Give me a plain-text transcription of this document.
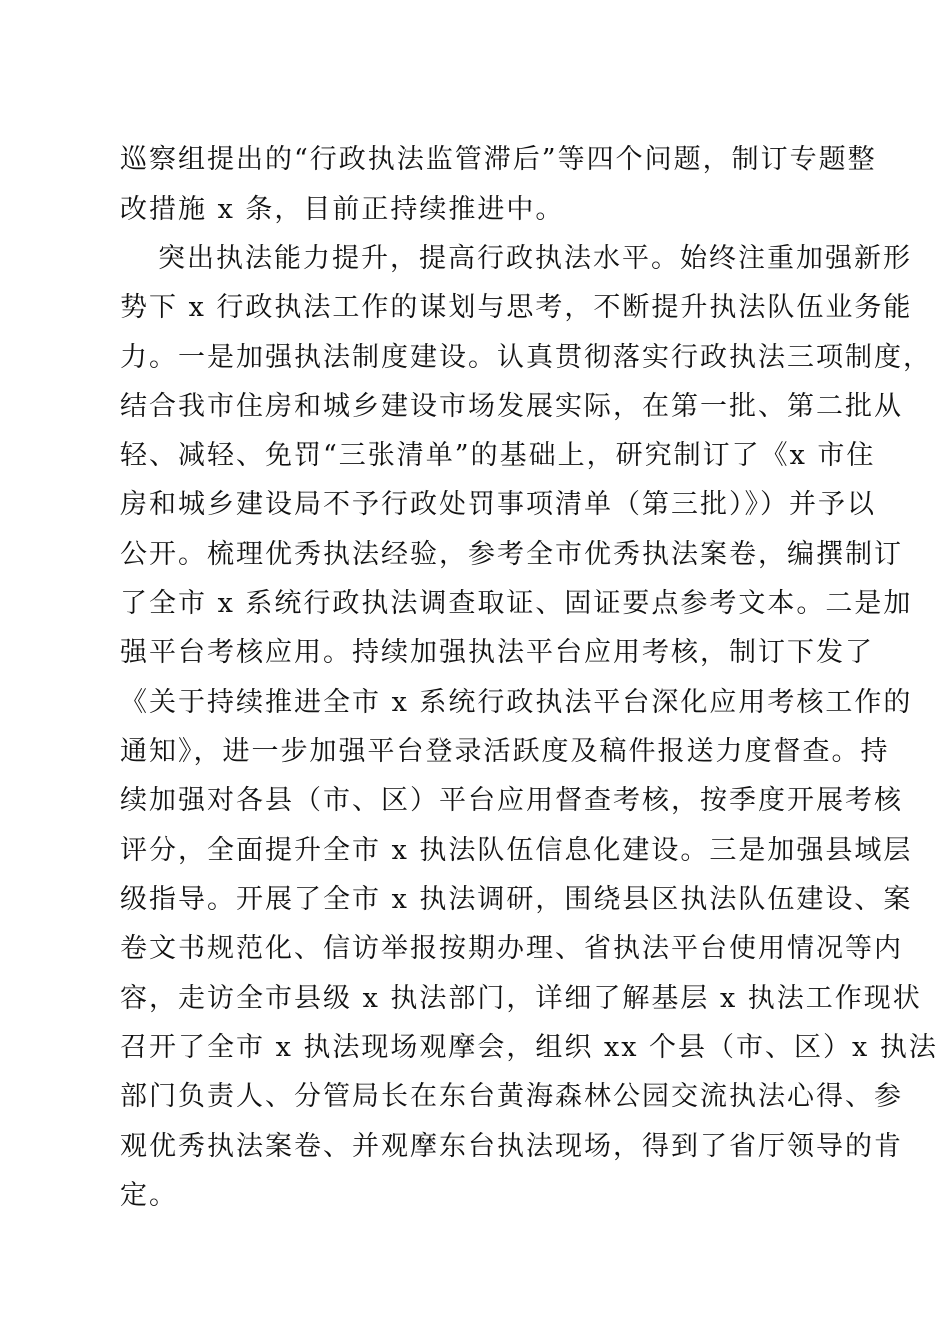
巡察组提出的“行政执法监管滞后”等四个问题，制订专题整
改措施 x 条，目前正持续推进中。
突出执法能力提升，提高行政执法水平。始终注重加强新形
势下 x 行政执法工作的谋划与思考，不断提升执法队伍业务能
力。一是加强执法制度建设。认真贯彻落实行政执法三项制度，
结合我市住房和城乡建设市场发展实际，在第一批、第二批从
轻、减轻、免罚“三张清单”的基础上，研究制订了《x 市住
房和城乡建设局不予行政处罚事项清单（第三批）》）并予以
公开。梳理优秀执法经验，参考全市优秀执法案卷，编撰制订
了全市 x 系统行政执法调查取证、固证要点参考文本。二是加
强平台考核应用。持续加强执法平台应用考核，制订下发了
《关于持续推进全市 x 系统行政执法平台深化应用考核工作的
通知》，进一步加强平台登录活跃度及稿件报送力度督查。持
续加强对各县（市、区）平台应用督查考核，按季度开展考核
评分，全面提升全市 x 执法队伍信息化建设。三是加强县域层
级指导。开展了全市 x 执法调研，围绕县区执法队伍建设、案
卷文书规范化、信访举报按期办理、省执法平台使用情况等内
容，走访全市县级 x 执法部门，详细了解基层 x 执法工作现状
召开了全市 x 执法现场观摩会，组织 xx 个县（市、区）x 执法
部门负责人、分管局长在东台黄海森林公园交流执法心得、参
观优秀执法案卷、并观摩东台执法现场，得到了省厅领导的肯
定。
